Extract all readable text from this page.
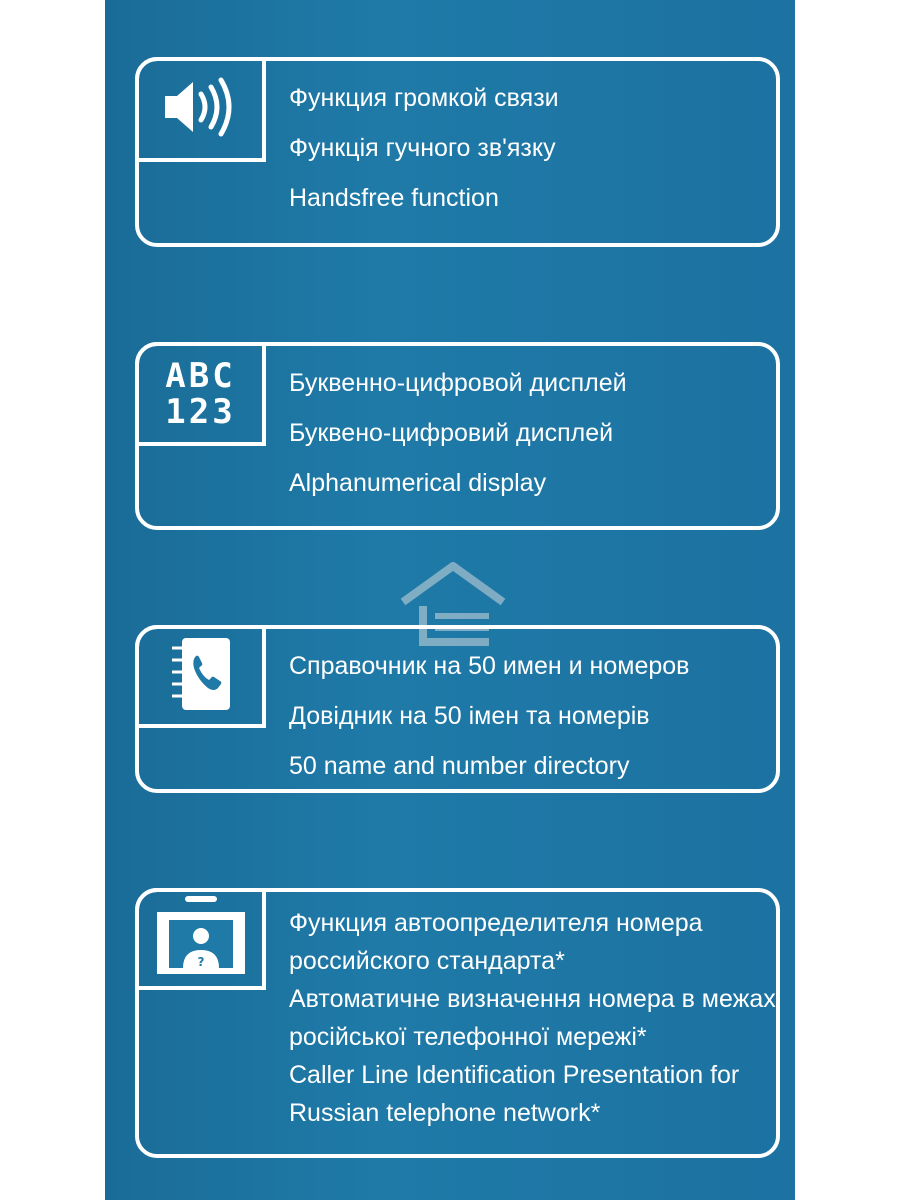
Функция громкой связи
Функція гучного зв'язку
Handsfree function
ABC
123
Буквенно-цифровой дисплей
Буквено-цифровий дисплей
Alphanumerical display
Справочник на 50 имен и номеров
Довідник на 50 імен та номерів
50 name and number directory
?
Функция автоопределителя номера
российского стандарта*
Автоматичне визначення номера в межах
російської телефонної мережі*
Caller Line Identification Presentation for
Russian telephone network*
